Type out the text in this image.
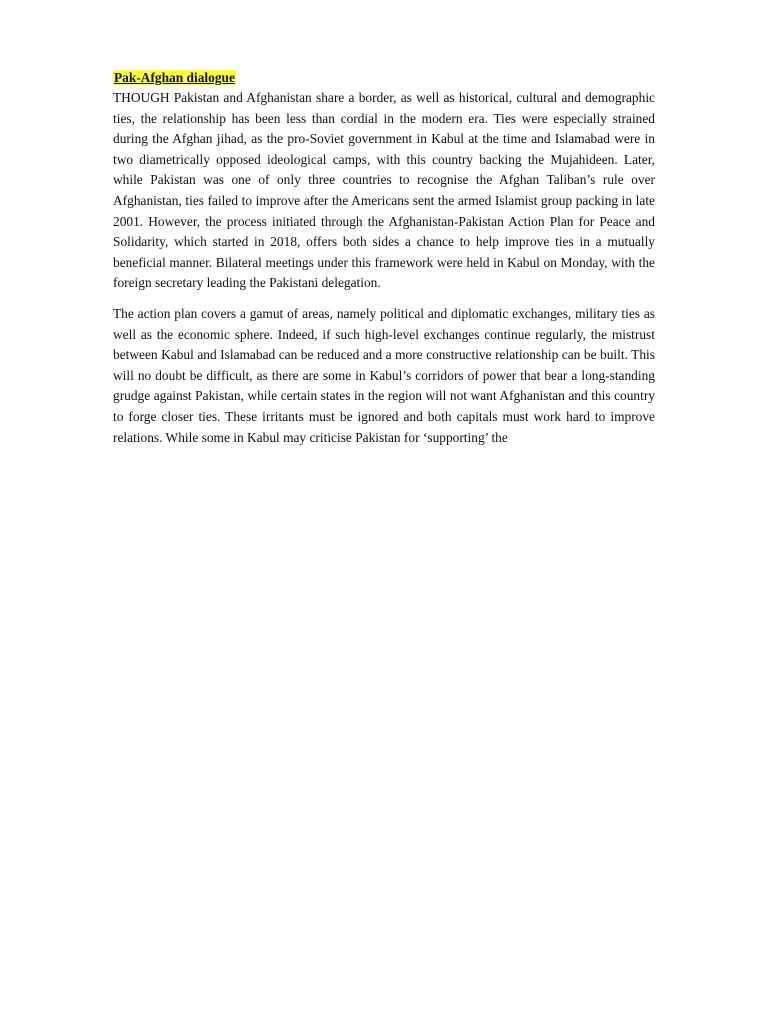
Pak-Afghan dialogue

THOUGH Pakistan and Afghanistan share a border, as well as historical, cultural and demographic ties, the relationship has been less than cordial in the modern era. Ties were especially strained during the Afghan jihad, as the pro-Soviet government in Kabul at the time and Islamabad were in two diametrically opposed ideological camps, with this country backing the Mujahideen. Later, while Pakistan was one of only three countries to recognise the Afghan Taliban’s rule over Afghanistan, ties failed to improve after the Americans sent the armed Islamist group packing in late 2001. However, the process initiated through the Afghanistan-Pakistan Action Plan for Peace and Solidarity, which started in 2018, offers both sides a chance to help improve ties in a mutually beneficial manner. Bilateral meetings under this framework were held in Kabul on Monday, with the foreign secretary leading the Pakistani delegation.

The action plan covers a gamut of areas, namely political and diplomatic exchanges, military ties as well as the economic sphere. Indeed, if such high-level exchanges continue regularly, the mistrust between Kabul and Islamabad can be reduced and a more constructive relationship can be built. This will no doubt be difficult, as there are some in Kabul’s corridors of power that bear a long-standing grudge against Pakistan, while certain states in the region will not want Afghanistan and this country to forge closer ties. These irritants must be ignored and both capitals must work hard to improve relations. While some in Kabul may criticise Pakistan for ‘supporting’ the
